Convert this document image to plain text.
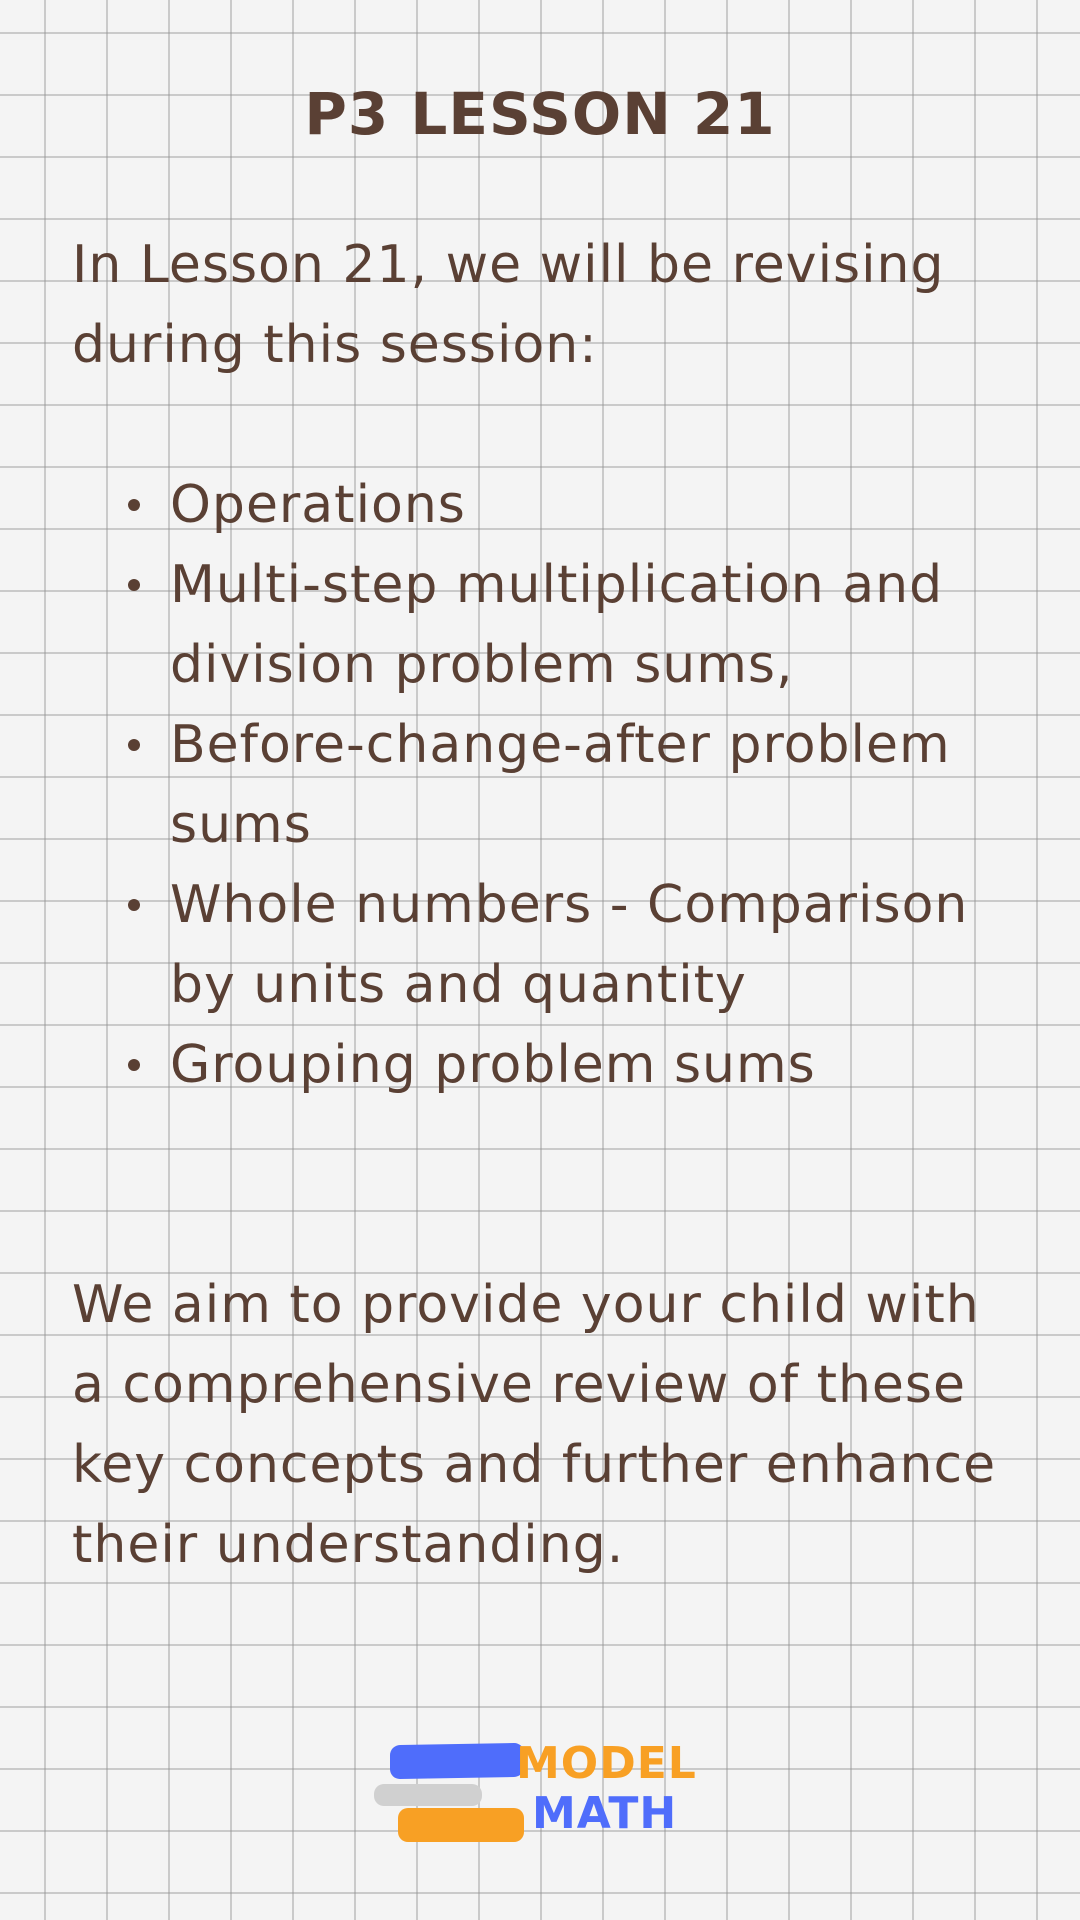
P3 LESSON 21

In Lesson 21, we will be revising during this session:

Operations
Multi-step multiplication and division problem sums,
Before-change-after problem sums
Whole numbers - Comparison by units and quantity
Grouping problem sums

We aim to provide your child with a comprehensive review of these key concepts and further enhance their understanding.

MODEL
MATH
